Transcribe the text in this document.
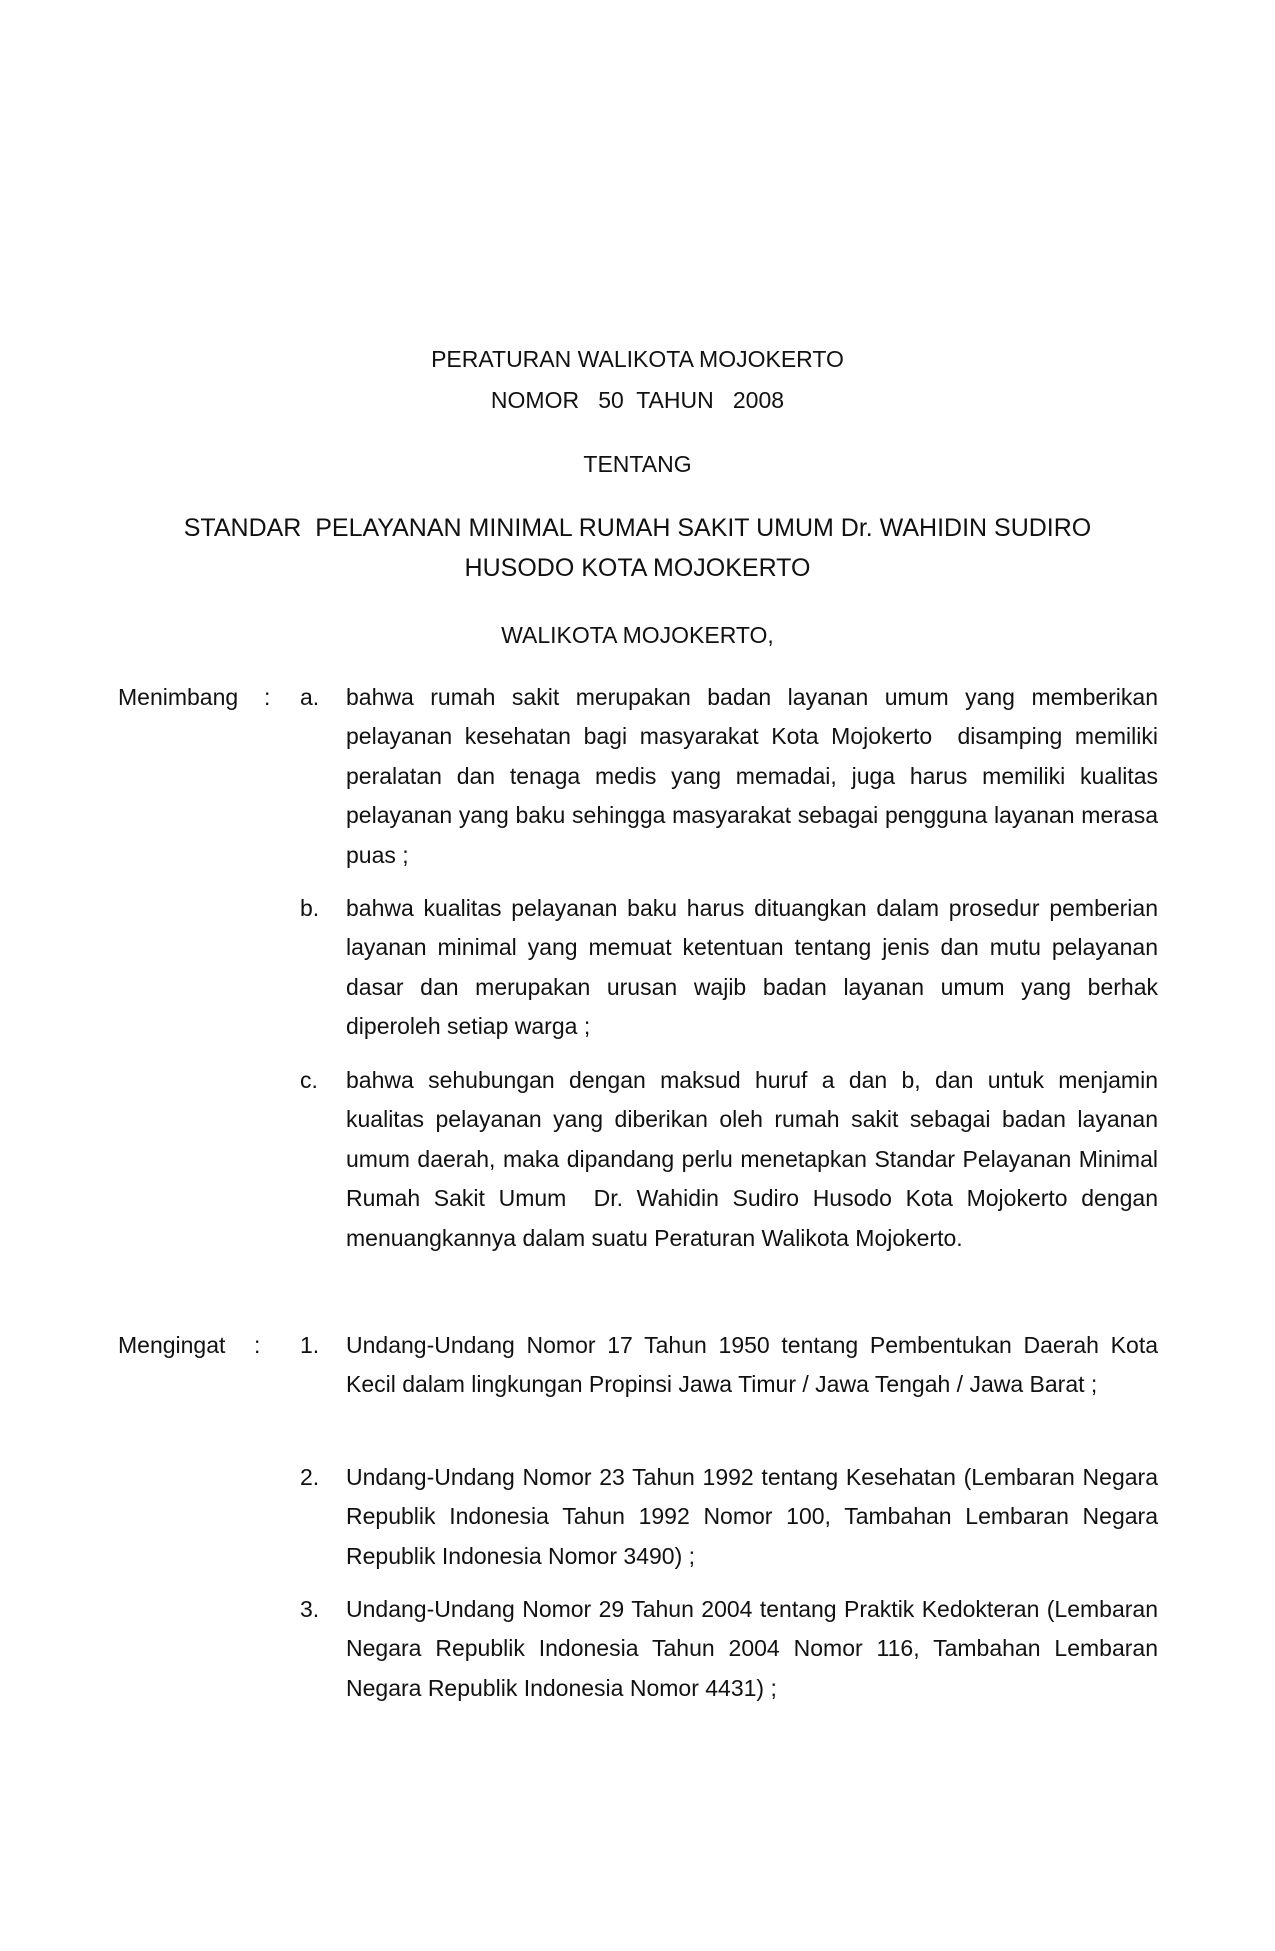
PERATURAN WALIKOTA MOJOKERTO
NOMOR   50  TAHUN   2008
TENTANG
STANDAR  PELAYANAN MINIMAL RUMAH SAKIT UMUM Dr. WAHIDIN SUDIRO
HUSODO KOTA MOJOKERTO
WALIKOTA MOJOKERTO,
Menimbang : a. bahwa rumah sakit merupakan badan layanan umum yang memberikan pelayanan kesehatan bagi masyarakat Kota Mojokerto  disamping memiliki peralatan dan tenaga medis yang memadai, juga harus memiliki kualitas pelayanan yang baku sehingga masyarakat sebagai pengguna layanan merasa puas ;
b. bahwa kualitas pelayanan baku harus dituangkan dalam prosedur pemberian layanan minimal yang memuat ketentuan tentang jenis dan mutu pelayanan dasar dan merupakan urusan wajib badan layanan umum yang berhak diperoleh setiap warga ;
c. bahwa sehubungan dengan maksud huruf a dan b, dan untuk menjamin kualitas pelayanan yang diberikan oleh rumah sakit sebagai badan layanan umum daerah, maka dipandang perlu menetapkan Standar Pelayanan Minimal Rumah Sakit Umum  Dr. Wahidin Sudiro Husodo Kota Mojokerto dengan menuangkannya dalam suatu Peraturan Walikota Mojokerto.
Mengingat : 1. Undang-Undang Nomor 17 Tahun 1950 tentang Pembentukan Daerah Kota Kecil dalam lingkungan Propinsi Jawa Timur / Jawa Tengah / Jawa Barat ;
2. Undang-Undang Nomor 23 Tahun 1992 tentang Kesehatan (Lembaran Negara Republik Indonesia Tahun 1992 Nomor 100, Tambahan Lembaran Negara Republik Indonesia Nomor 3490) ;
3. Undang-Undang Nomor 29 Tahun 2004 tentang Praktik Kedokteran (Lembaran Negara Republik Indonesia Tahun 2004 Nomor 116, Tambahan Lembaran Negara Republik Indonesia Nomor 4431) ;
